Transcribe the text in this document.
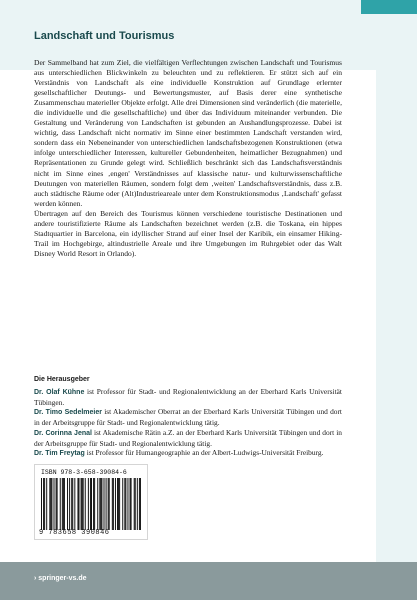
Landschaft und Tourismus

Der Sammelband hat zum Ziel, die vielfältigen Verflechtungen zwischen Landschaft und Tourismus aus unterschiedlichen Blickwinkeln zu beleuchten und zu reflektieren. Er stützt sich auf ein Verständnis von Landschaft als eine individuelle Konstruktion auf Grundlage erlernter gesellschaftlicher Deutungs- und Bewertungsmuster, auf Basis derer eine synthetische Zusammenschau materieller Objekte erfolgt. Alle drei Dimensionen sind veränderlich (die materielle, die individuelle und die gesellschaftliche) und über das Individuum miteinander verbunden. Die Gestaltung und Veränderung von Landschaften ist gebunden an Aushandlungsprozesse. Dabei ist wichtig, dass Landschaft nicht normativ im Sinne einer bestimmten Landschaft verstanden wird, sondern dass ein Nebeneinander von unterschiedlichen landschaftsbezogenen Konstruktionen (etwa infolge unterschiedlicher Interessen, kultureller Gebundenheiten, heimatlicher Bezugnahmen) und Repräsentationen zu Grunde gelegt wird. Schließlich beschränkt sich das Landschaftsverständnis nicht im Sinne eines ‚engen' Verständnisses auf klassische natur- und kulturwissenschaftliche Deutungen von materiellen Räumen, sondern folgt dem ‚weiten' Landschaftsverständnis, dass z.B. auch städtische Räume oder (Alt)Industrieareale unter dem Konstruktionsmodus ‚Landschaft' gefasst werden können.

Übertragen auf den Bereich des Tourismus können verschiedene touristische Destinationen und andere touristifizierte Räume als Landschaften bezeichnet werden (z.B. die Toskana, ein hippes Stadtquartier in Barcelona, ein idyllischer Strand auf einer Insel der Karibik, ein einsamer Hiking-Trail im Hochgebirge, altindustrielle Areale und ihre Umgebungen im Ruhrgebiet oder das Walt Disney World Resort in Orlando).

Die Herausgeber

Dr. Olaf Kühne ist Professor für Stadt- und Regionalentwicklung an der Eberhard Karls Universität Tübingen.

Dr. Timo Sedelmeier ist Akademischer Oberrat an der Eberhard Karls Universität Tübingen und dort in der Arbeitsgruppe für Stadt- und Regionalentwicklung tätig.

Dr. Corinna Jenal ist Akademische Rätin a.Z. an der Eberhard Karls Universität Tübingen und dort in der Arbeitsgruppe für Stadt- und Regionalentwicklung tätig.

Dr. Tim Freytag ist Professor für Humangeographie an der Albert-Ludwigs-Universität Freiburg.

ISBN 978-3-658-39084-6
9 783658 390846
› springer-vs.de
